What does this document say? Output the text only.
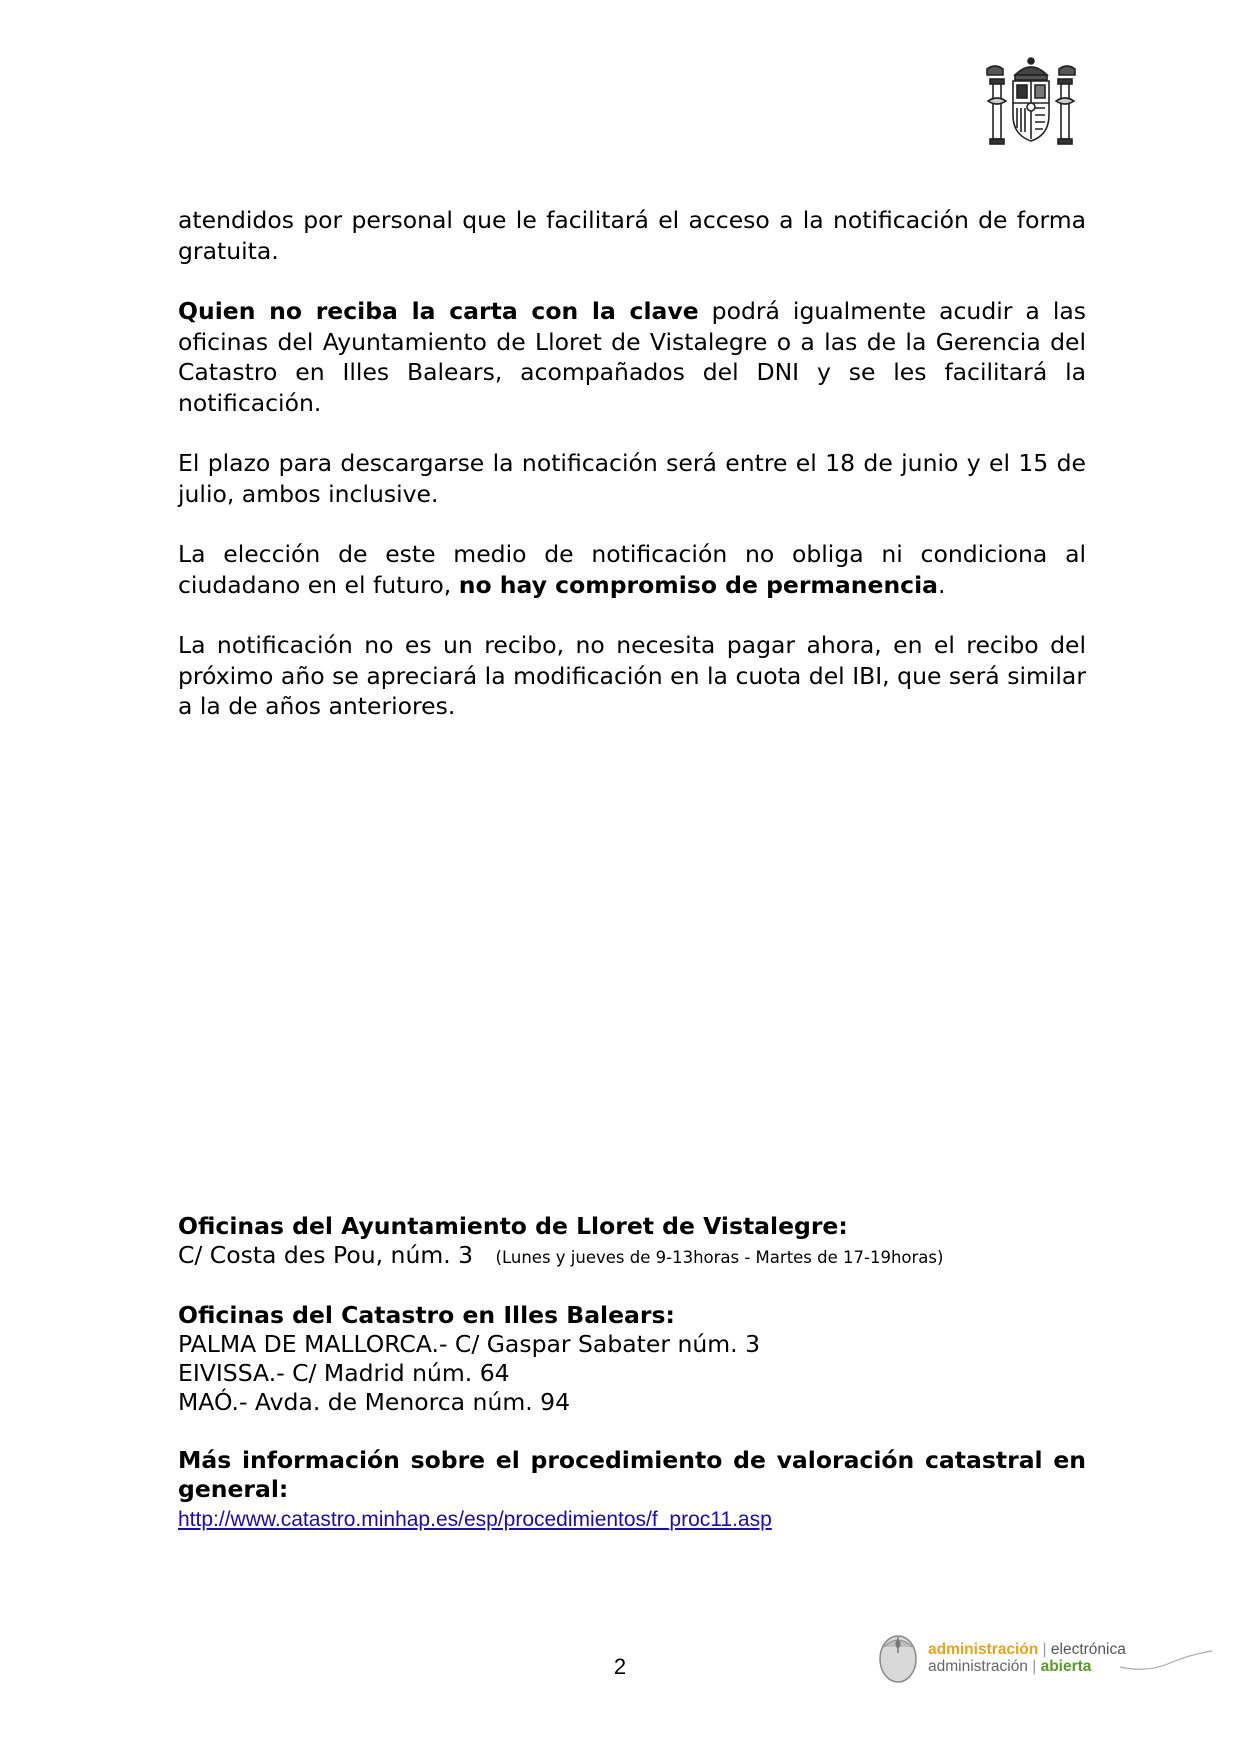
atendidos por personal que le facilitará el acceso a la notificación de forma gratuita.

Quien no reciba la carta con la clave podrá igualmente acudir a las oficinas del Ayuntamiento de Lloret de Vistalegre o a las de la Gerencia del Catastro en Illes Balears, acompañados del DNI y se les facilitará la notificación.

El plazo para descargarse la notificación será entre el 18 de junio y el 15 de julio, ambos inclusive.

La elección de este medio de notificación no obliga ni condiciona al ciudadano en el futuro, no hay compromiso de permanencia.

La notificación no es un recibo, no necesita pagar ahora, en el recibo del próximo año se apreciará la modificación en la cuota del IBI, que será similar a la de años anteriores.

Oficinas del Ayuntamiento de Lloret de Vistalegre:
C/ Costa des Pou, núm. 3 (Lunes y jueves de 9-13horas - Martes de 17-19horas)
Oficinas del Catastro en Illes Balears:
PALMA DE MALLORCA.- C/ Gaspar Sabater núm. 3
EIVISSA.- C/ Madrid núm. 64
MAÓ.- Avda. de Menorca núm. 94
Más información sobre el procedimiento de valoración catastral en general:
http://www.catastro.minhap.es/esp/procedimientos/f_proc11.asp
2
administración | electrónica
administración | abierta
